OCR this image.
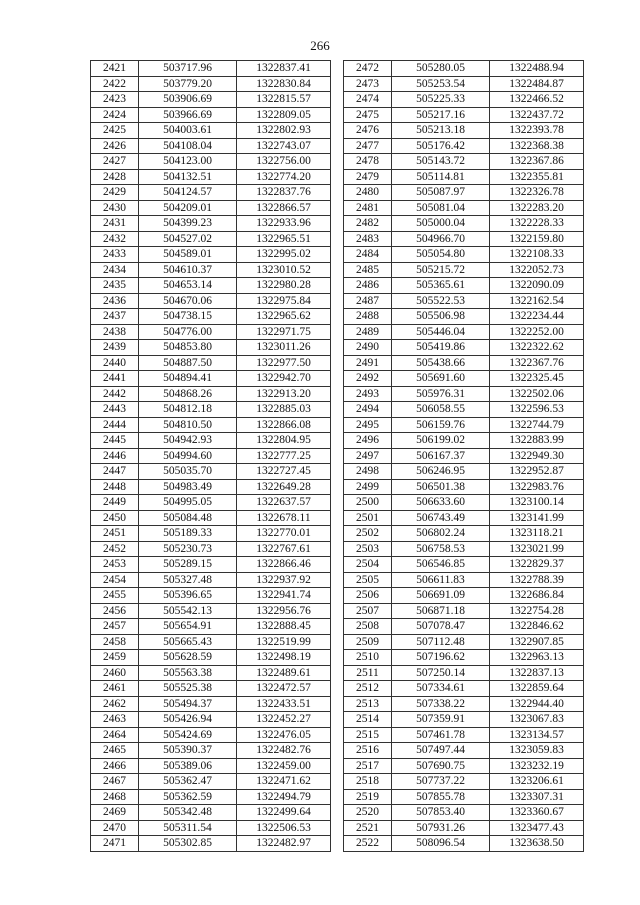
266
2421	503717.96	1322837.41
2422	503779.20	1322830.84
2423	503906.69	1322815.57
2424	503966.69	1322809.05
2425	504003.61	1322802.93
2426	504108.04	1322743.07
2427	504123.00	1322756.00
2428	504132.51	1322774.20
2429	504124.57	1322837.76
2430	504209.01	1322866.57
2431	504399.23	1322933.96
2432	504527.02	1322965.51
2433	504589.01	1322995.02
2434	504610.37	1323010.52
2435	504653.14	1322980.28
2436	504670.06	1322975.84
2437	504738.15	1322965.62
2438	504776.00	1322971.75
2439	504853.80	1323011.26
2440	504887.50	1322977.50
2441	504894.41	1322942.70
2442	504868.26	1322913.20
2443	504812.18	1322885.03
2444	504810.50	1322866.08
2445	504942.93	1322804.95
2446	504994.60	1322777.25
2447	505035.70	1322727.45
2448	504983.49	1322649.28
2449	504995.05	1322637.57
2450	505084.48	1322678.11
2451	505189.33	1322770.01
2452	505230.73	1322767.61
2453	505289.15	1322866.46
2454	505327.48	1322937.92
2455	505396.65	1322941.74
2456	505542.13	1322956.76
2457	505654.91	1322888.45
2458	505665.43	1322519.99
2459	505628.59	1322498.19
2460	505563.38	1322489.61
2461	505525.38	1322472.57
2462	505494.37	1322433.51
2463	505426.94	1322452.27
2464	505424.69	1322476.05
2465	505390.37	1322482.76
2466	505389.06	1322459.00
2467	505362.47	1322471.62
2468	505362.59	1322494.79
2469	505342.48	1322499.64
2470	505311.54	1322506.53
2471	505302.85	1322482.97
2472	505280.05	1322488.94
2473	505253.54	1322484.87
2474	505225.33	1322466.52
2475	505217.16	1322437.72
2476	505213.18	1322393.78
2477	505176.42	1322368.38
2478	505143.72	1322367.86
2479	505114.81	1322355.81
2480	505087.97	1322326.78
2481	505081.04	1322283.20
2482	505000.04	1322228.33
2483	504966.70	1322159.80
2484	505054.80	1322108.33
2485	505215.72	1322052.73
2486	505365.61	1322090.09
2487	505522.53	1322162.54
2488	505506.98	1322234.44
2489	505446.04	1322252.00
2490	505419.86	1322322.62
2491	505438.66	1322367.76
2492	505691.60	1322325.45
2493	505976.31	1322502.06
2494	506058.55	1322596.53
2495	506159.76	1322744.79
2496	506199.02	1322883.99
2497	506167.37	1322949.30
2498	506246.95	1322952.87
2499	506501.38	1322983.76
2500	506633.60	1323100.14
2501	506743.49	1323141.99
2502	506802.24	1323118.21
2503	506758.53	1323021.99
2504	506546.85	1322829.37
2505	506611.83	1322788.39
2506	506691.09	1322686.84
2507	506871.18	1322754.28
2508	507078.47	1322846.62
2509	507112.48	1322907.85
2510	507196.62	1322963.13
2511	507250.14	1322837.13
2512	507334.61	1322859.64
2513	507338.22	1322944.40
2514	507359.91	1323067.83
2515	507461.78	1323134.57
2516	507497.44	1323059.83
2517	507690.75	1323232.19
2518	507737.22	1323206.61
2519	507855.78	1323307.31
2520	507853.40	1323360.67
2521	507931.26	1323477.43
2522	508096.54	1323638.50
